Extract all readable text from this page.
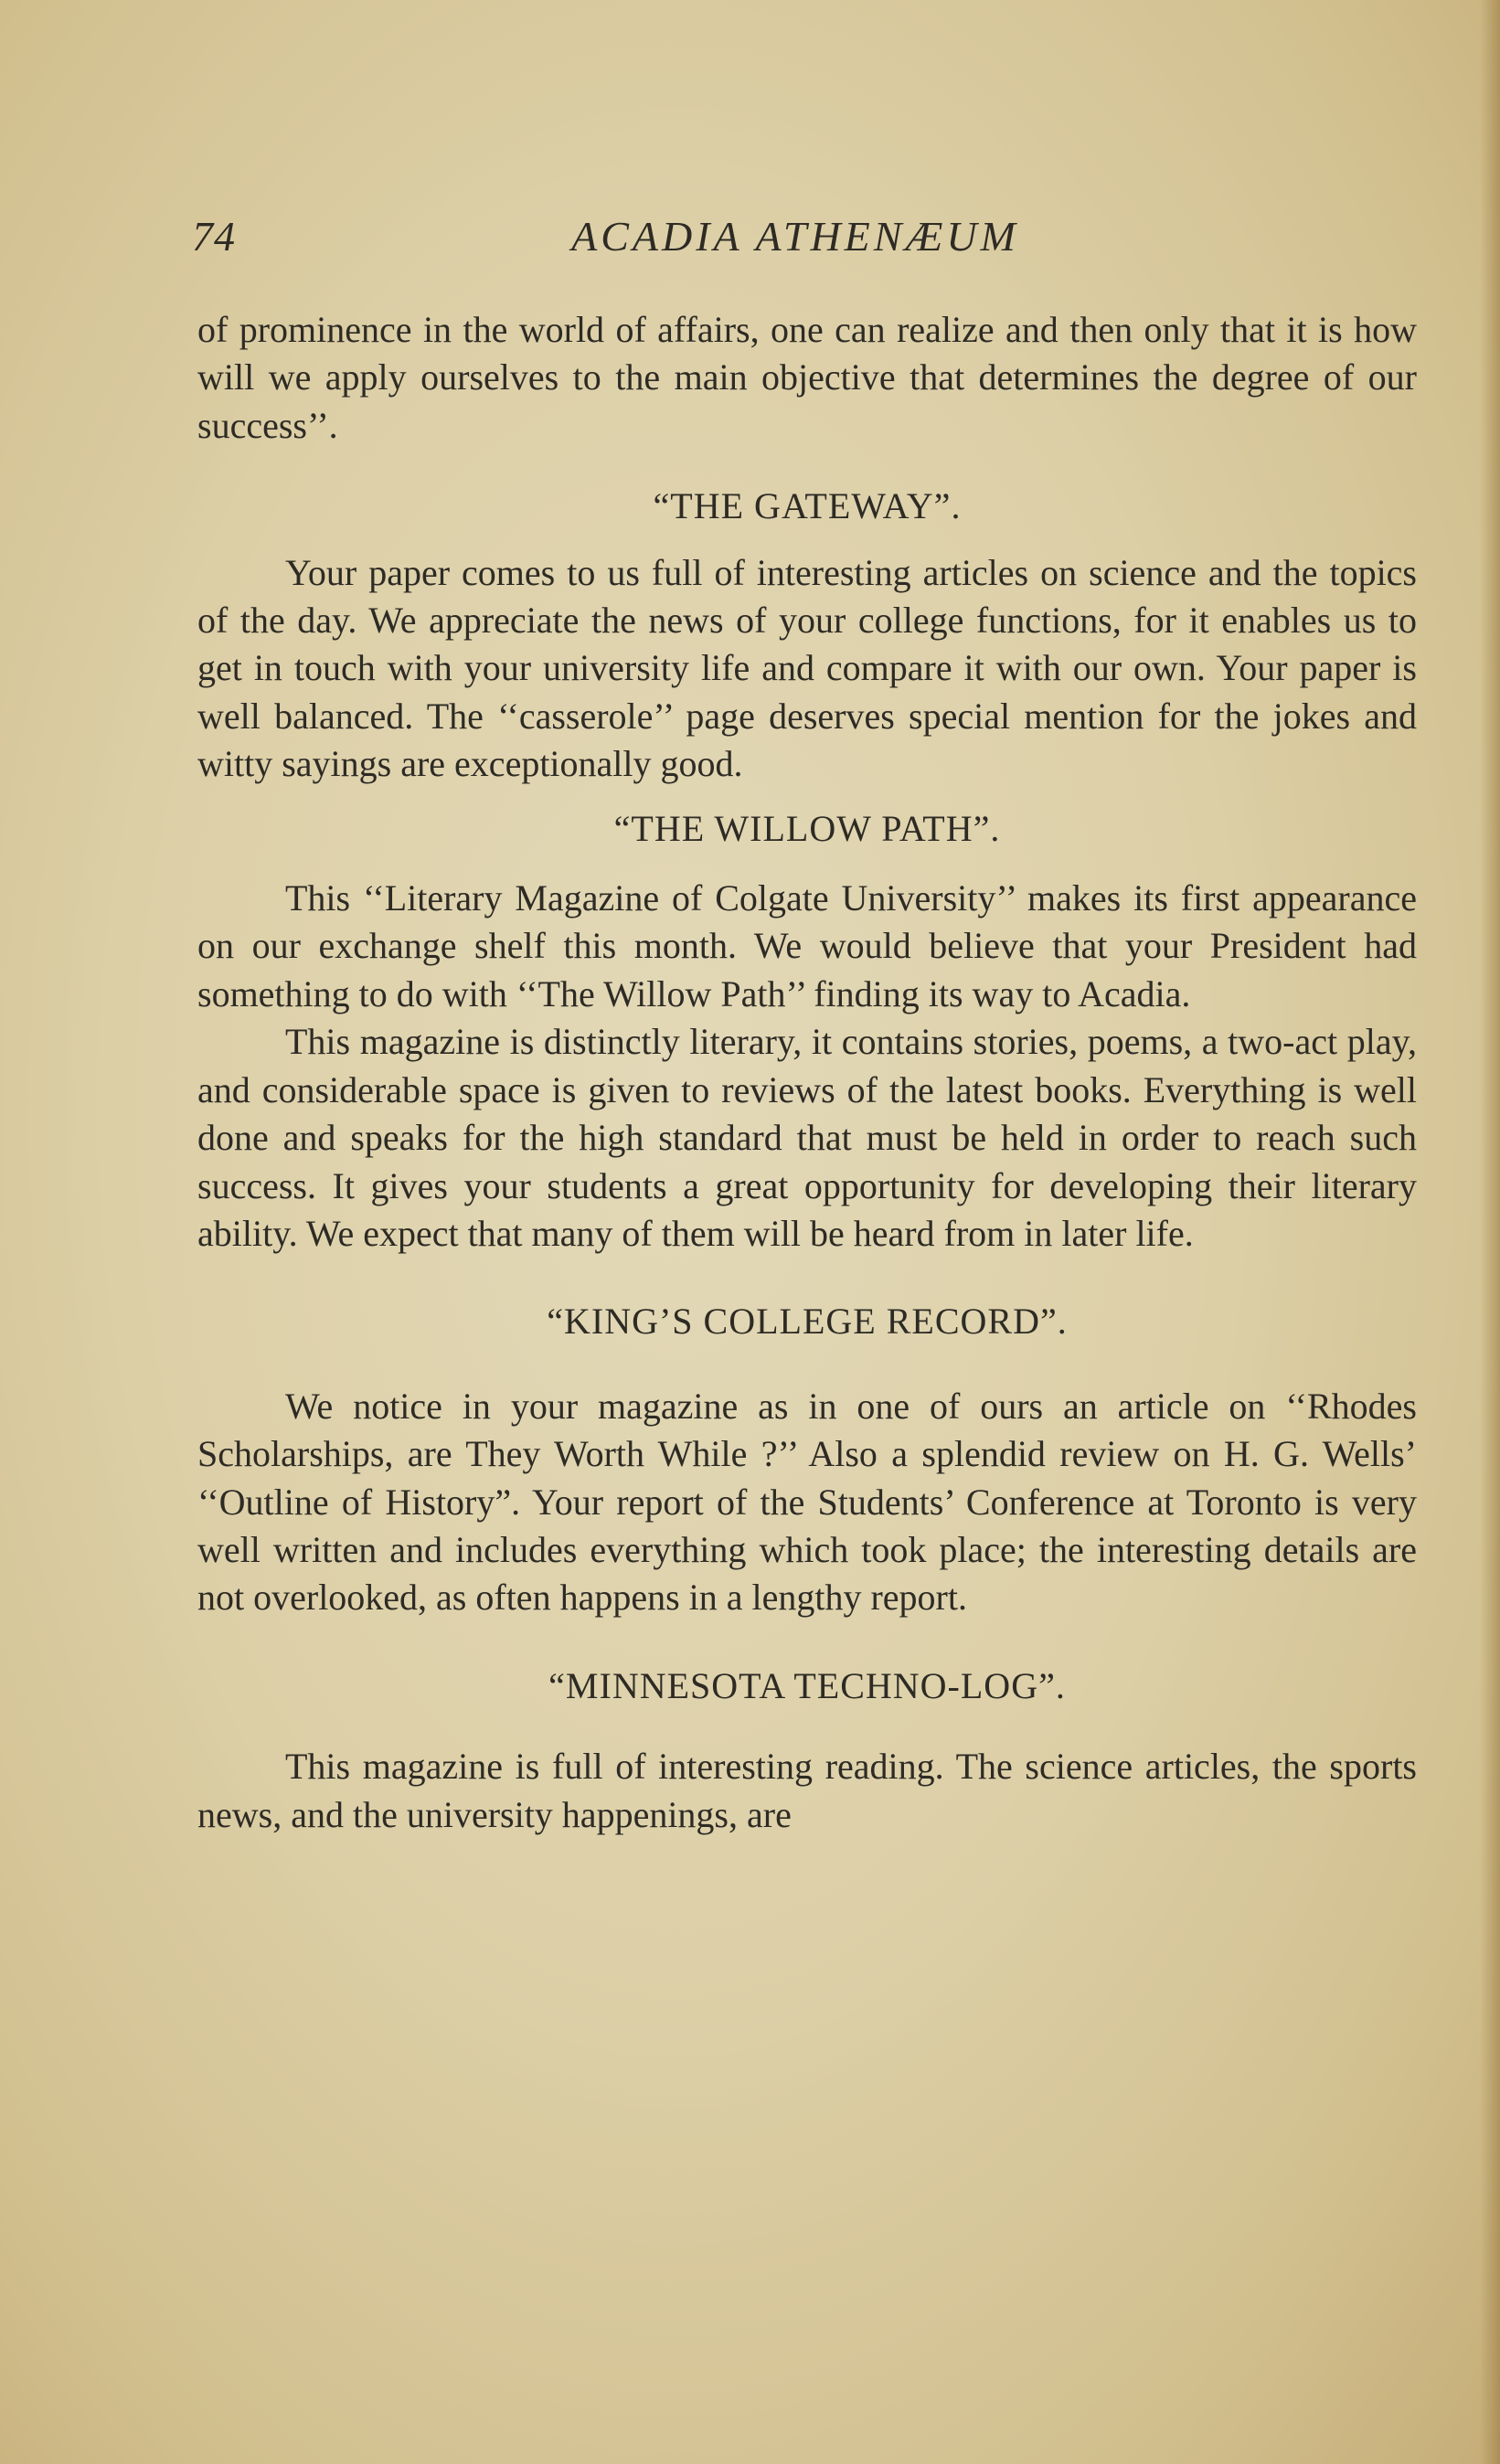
74	ACADIA ATHENÆUM

of prominence in the world of affairs, one can realize and then only that it is how will we apply ourselves to the main objective that determines the degree of our success’’.

“THE GATEWAY”.

Your paper comes to us full of interesting articles on science and the topics of the day. We appreciate the news of your college functions, for it enables us to get in touch with your university life and compare it with our own. Your paper is well balanced. The ‘‘casserole’’ page deserves special mention for the jokes and witty sayings are exceptionally good.

“THE WILLOW PATH”.

This ‘‘Literary Magazine of Colgate University’’ makes its first appearance on our exchange shelf this month. We would believe that your President had something to do with ‘‘The Willow Path’’ finding its way to Acadia.

This magazine is distinctly literary, it contains stories, poems, a two-act play, and considerable space is given to reviews of the latest books. Everything is well done and speaks for the high standard that must be held in order to reach such success. It gives your students a great opportunity for developing their literary ability. We expect that many of them will be heard from in later life.

“KING’S COLLEGE RECORD”.

We notice in your magazine as in one of ours an article on ‘‘Rhodes Scholarships, are They Worth While ?’’ Also a splendid review on H. G. Wells’ ‘‘Outline of History”. Your report of the Students’ Conference at Toronto is very well written and includes everything which took place; the interesting details are not overlooked, as often happens in a lengthy report.

“MINNESOTA TECHNO-LOG”.

This magazine is full of interesting reading. The science articles, the sports news, and the university happenings, are
